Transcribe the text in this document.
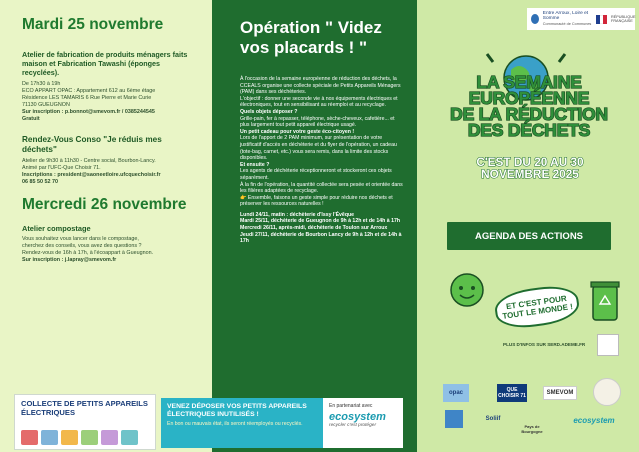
Mardi 25 novembre
Atelier de fabrication de produits ménagers faits maison et Fabrication Tawashi (éponges recyclées).
De 17h30 à 19h
ECO APPART OPAC : Appartement 612 au 6ème étage
Résidence LES TAMARIS 6 Rue Pierre et Marie Curie
71130 GUEUGNON
Sur inscription : p.bonnot@smevom.fr / 0385244545
Gratuit
Rendez-Vous Conso "Je réduis mes déchets"
Atelier de 9h30 à 11h30 - Centre social, Bourbon-Lancy.
Animé par l'UFC-Que Choisir 71.
Inscriptions : president@saoneetloire.ufcquechoisir.fr
06 85 50 52 70
Mercredi 26 novembre
Atelier compostage
Vous souhaitez vous lancer dans le compostage,
cherchez des conseils, vous avez des questions ?
Rendez-vous de 16h à 17h, à l'écoappart à Gueugnon.
Sur inscription : j.lapray@smevom.fr
COLLECTE DE PETITS APPAREILS ÉLECTRIQUES
Opération " Videz vos placards ! "

À l'occasion de la semaine européenne de réduction des déchets, la CCEALS organise une collecte spéciale de Petits Appareils Ménagers (PAM) dans ses déchèteries.

L'objectif : donner une seconde vie à nos équipements électriques et électroniques, tout en sensibilisant au réemploi et au recyclage.

Quels objets déposer ?

Grille-pain, fer à repasser, téléphone, sèche-cheveux, cafetière... et plus largement tout petit appareil électrique usagé.

Un petit cadeau pour votre geste éco-citoyen !

Lors de l'apport de 2 PAM minimum, sur présentation de votre justificatif d'accès en déchèterie et du flyer de l'opération, un cadeau (tote-bag, carnet, etc.) vous sera remis, dans la limite des stocks disponibles.

Et ensuite ?

Les agents de déchèterie réceptionneront et stockeront ces objets séparément.

À la fin de l'opération, la quantité collectée sera pesée et orientée dans les filières adaptées de recyclage.

👉 Ensemble, faisons un geste simple pour réduire nos déchets et préserver les ressources naturelles !

Lundi 24/11, matin : déchèterie d'Issy l'Évêque

Mardi 25/11, déchèterie de Gueugnon de 9h à 12h et de 14h à 17h

Mercredi 26/11, après-midi, déchèterie de Toulon sur Arroux

Jeudi 27/11, déchèterie de Bourbon Lancy de 9h à 12h et de 14h à 17h

VENEZ DÉPOSER VOS PETITS APPAREILS ÉLECTRIQUES INUTILISÉS !
En bon ou mauvais état, ils seront réemployés ou recyclés.
En partenariat avec
ecosystem
recycler c'est protéger
Entre Arroux, Loire et Somme
Communauté de Communes
RÉPUBLIQUE FRANÇAISE
LA SEMAINE
EUROPÉENNE
DE LA RÉDUCTION
DES DÉCHETS
C'EST DU 20 AU 30 NOVEMBRE 2025
AGENDA DES ACTIONS
ET C'EST POUR TOUT LE MONDE !
PLUS D'INFOS SUR SERD.ADEME.FR
opac	QUE CHOISIR 71	SMEVOM
Soliif
Pays de Bourgogne
ecosystem
